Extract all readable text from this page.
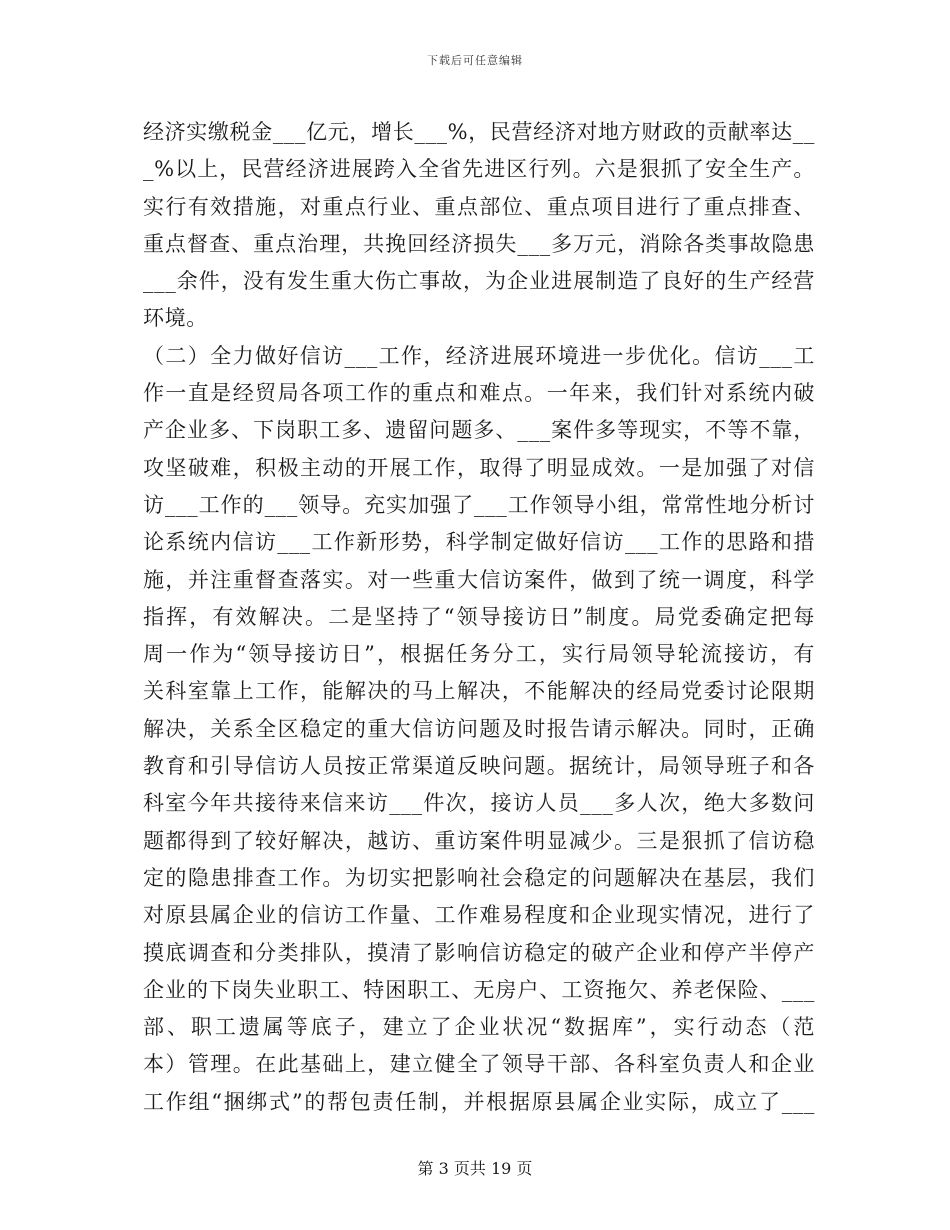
下载后可任意编辑
经济实缴税金___亿元，增长___%，民营经济对地方财政的贡献率达__
_%以上，民营经济进展跨入全省先进区行列。六是狠抓了安全生产。
实行有效措施，对重点行业、重点部位、重点项目进行了重点排查、
重点督查、重点治理，共挽回经济损失___多万元，消除各类事故隐患
___余件，没有发生重大伤亡事故，为企业进展制造了良好的生产经营
环境。
（二）全力做好信访___工作，经济进展环境进一步优化。信访___工
作一直是经贸局各项工作的重点和难点。一年来，我们针对系统内破
产企业多、下岗职工多、遗留问题多、___案件多等现实，不等不靠，
攻坚破难，积极主动的开展工作，取得了明显成效。一是加强了对信
访___工作的___领导。充实加强了___工作领导小组，常常性地分析讨
论系统内信访___工作新形势，科学制定做好信访___工作的思路和措
施，并注重督查落实。对一些重大信访案件，做到了统一调度，科学
指挥，有效解决。二是坚持了“领导接访日”制度。局党委确定把每
周一作为“领导接访日”，根据任务分工，实行局领导轮流接访，有
关科室靠上工作，能解决的马上解决，不能解决的经局党委讨论限期
解决，关系全区稳定的重大信访问题及时报告请示解决。同时，正确
教育和引导信访人员按正常渠道反映问题。据统计，局领导班子和各
科室今年共接待来信来访___件次，接访人员___多人次，绝大多数问
题都得到了较好解决，越访、重访案件明显减少。三是狠抓了信访稳
定的隐患排查工作。为切实把影响社会稳定的问题解决在基层，我们
对原县属企业的信访工作量、工作难易程度和企业现实情况，进行了
摸底调查和分类排队，摸清了影响信访稳定的破产企业和停产半停产
企业的下岗失业职工、特困职工、无房户、工资拖欠、养老保险、___
部、职工遗属等底子，建立了企业状况“数据库”，实行动态（范
本）管理。在此基础上，建立健全了领导干部、各科室负责人和企业
工作组“捆绑式”的帮包责任制，并根据原县属企业实际，成立了___
第 3 页共 19 页
